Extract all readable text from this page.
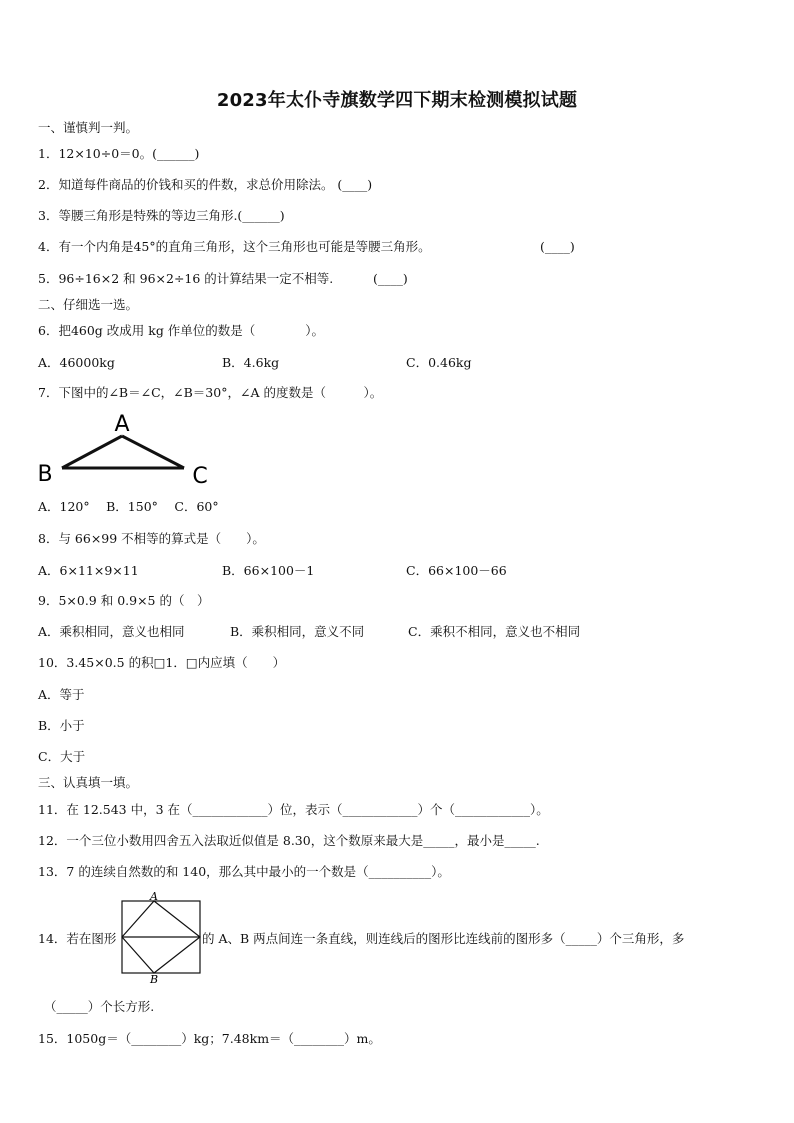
2023年太仆寺旗数学四下期末检测模拟试题
一、谨慎判一判。
1．12×10÷0＝0。(______)
2．知道每件商品的价钱和买的件数，求总价用除法。 (____)
3．等腰三角形是特殊的等边三角形.(______)
4．有一个内角是45°的直角三角形，这个三角形也可能是等腰三角形。	(____)
5．96÷16×2 和 96×2÷16 的计算结果一定不相等.	(____)
二、仔细选一选。
6．把460g 改成用 kg 作单位的数是（　　　　）。
A．46000kg	B．4.6kg	C．0.46kg
7．下图中的∠B＝∠C，∠B＝30°，∠A 的度数是（　　　）。
A
B	C
A．120°　 B．150°　 C．60°
8．与 66×99 不相等的算式是（　　）。
A．6×11×9×11	B．66×100－1	C．66×100－66
9．5×0.9 和 0.9×5 的（　）
A．乘积相同，意义也相同	B．乘积相同，意义不同	C．乘积不相同，意义也不相同
10．3.45×0.5 的积□1．□内应填（　　）
A．等于
B．小于
C．大于
三、认真填一填。
11．在 12.543 中，3 在（____________）位，表示（____________）个（____________）。
12．一个三位小数用四舍五入法取近似值是 8.30，这个数原来最大是_____，最小是_____.
13．7 的连续自然数的和 140，那么其中最小的一个数是（__________）。
14．若在图形
A
B
的 A、B 两点间连一条直线，则连线后的图形比连线前的图形多（_____）个三角形，多
（_____）个长方形.
15．1050g＝（________）kg；7.48km＝（________）m。
